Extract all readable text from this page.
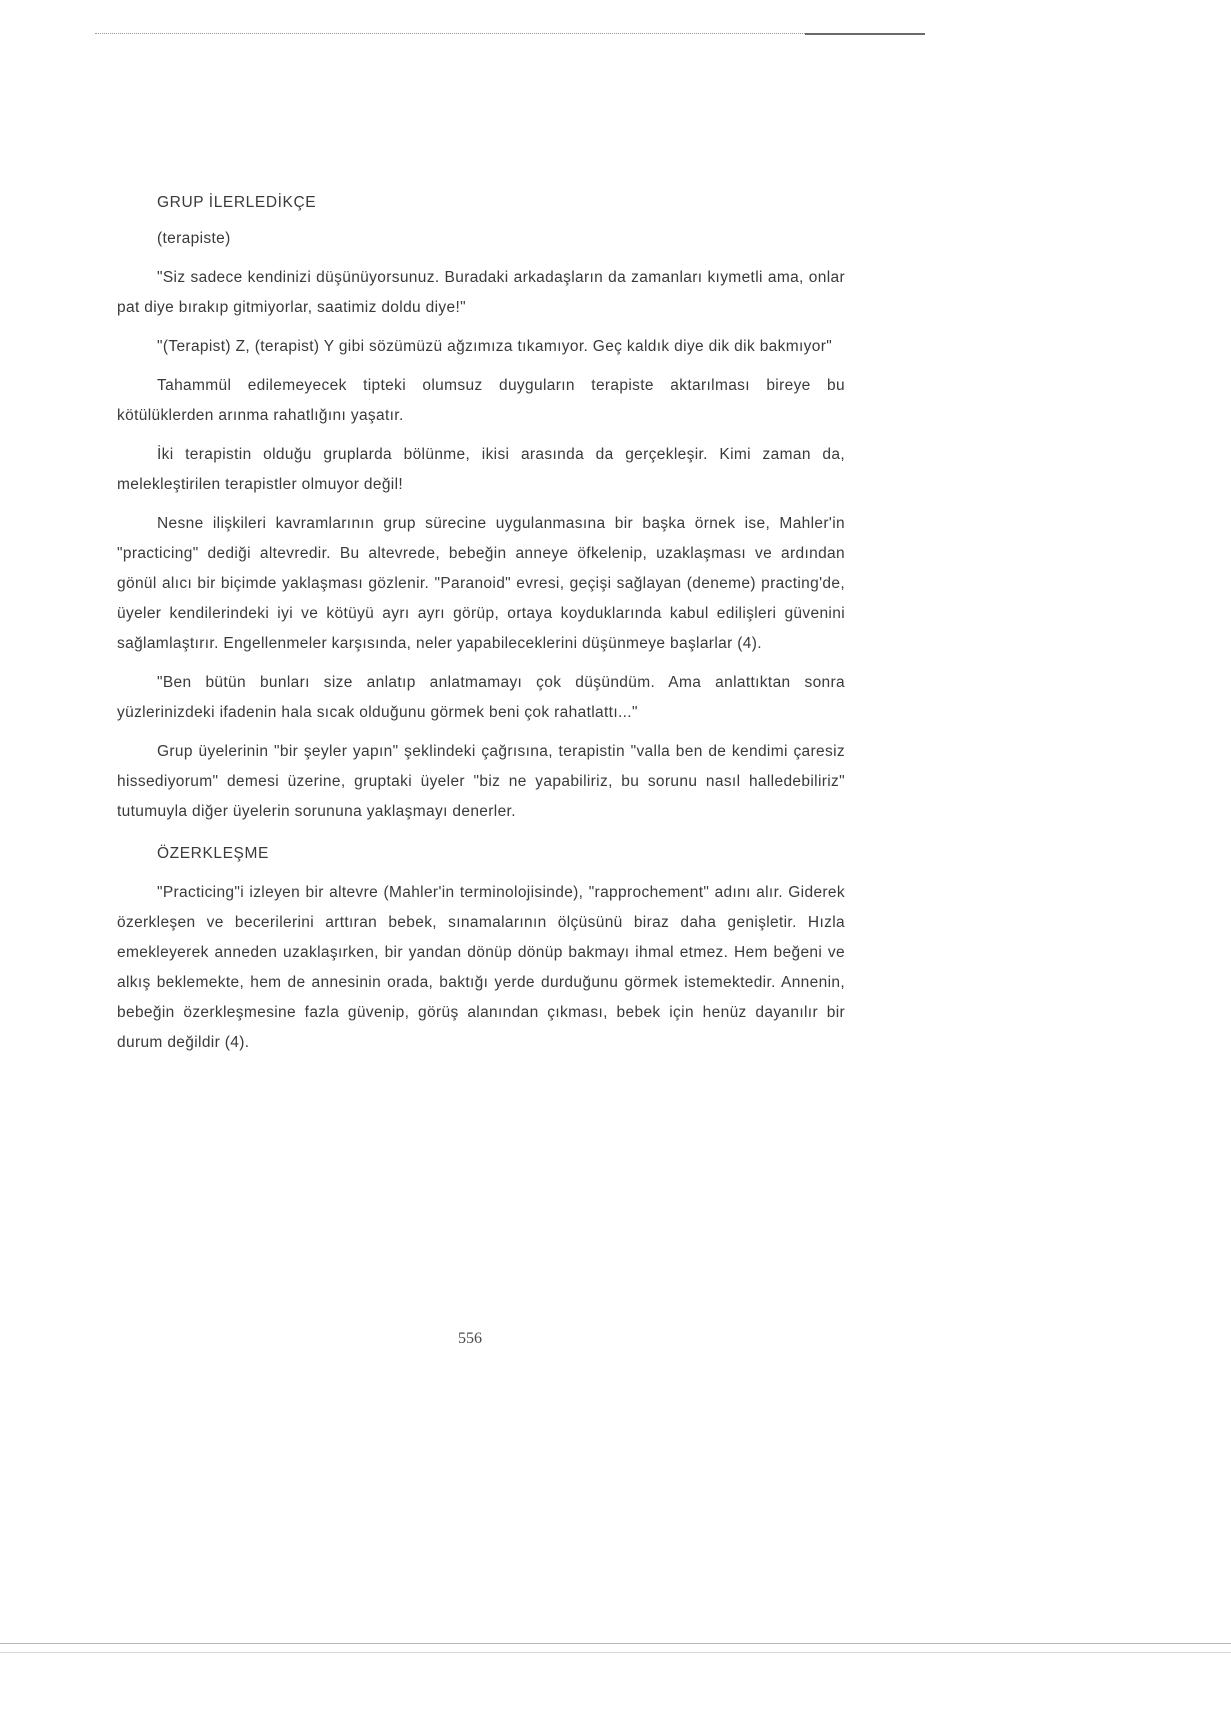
GRUP İLERLEDİKÇE

(terapiste)

"Siz sadece kendinizi düşünüyorsunuz. Buradaki arkadaşların da zamanları kıymetli ama, onlar pat diye bırakıp gitmiyorlar, saatimiz doldu diye!"

"(Terapist) Z, (terapist) Y gibi sözümüzü ağzımıza tıkamıyor. Geç kaldık diye dik dik bakmıyor"

Tahammül edilemeyecek tipteki olumsuz duyguların terapiste aktarılması bireye bu kötülüklerden arınma rahatlığını yaşatır.

İki terapistin olduğu gruplarda bölünme, ikisi arasında da gerçekleşir. Kimi zaman da, melekleştirilen terapistler olmuyor değil!

Nesne ilişkileri kavramlarının grup sürecine uygulanmasına bir başka örnek ise, Mahler'in "practicing" dediği altevredir. Bu altevrede, bebeğin anneye öfkelenip, uzaklaşması ve ardından gönül alıcı bir biçimde yaklaşması gözlenir. "Paranoid" evresi, geçişi sağlayan (deneme) practing'de, üyeler kendilerindeki iyi ve kötüyü ayrı ayrı görüp, ortaya koyduklarında kabul edilişleri güvenini sağlamlaştırır. Engellenmeler karşısında, neler yapabileceklerini düşünmeye başlarlar (4).

"Ben bütün bunları size anlatıp anlatmamayı çok düşündüm. Ama anlattıktan sonra yüzlerinizdeki ifadenin hala sıcak olduğunu görmek beni çok rahatlattı..."

Grup üyelerinin "bir şeyler yapın" şeklindeki çağrısına, terapistin "valla ben de kendimi çaresiz hissediyorum" demesi üzerine, gruptaki üyeler "biz ne yapabiliriz, bu sorunu nasıl halledebiliriz" tutumuyla diğer üyelerin sorununa yaklaşmayı denerler.

ÖZERKLEŞME

"Practicing"i izleyen bir altevre (Mahler'in terminolojisinde), "rapprochement" adını alır. Giderek özerkleşen ve becerilerini arttıran bebek, sınamalarının ölçüsünü biraz daha genişletir. Hızla emekleyerek anneden uzaklaşırken, bir yandan dönüp dönüp bakmayı ihmal etmez. Hem beğeni ve alkış beklemekte, hem de annesinin orada, baktığı yerde durduğunu görmek istemektedir. Annenin, bebeğin özerkleşmesine fazla güvenip, görüş alanından çıkması, bebek için henüz dayanılır bir durum değildir (4).

556
